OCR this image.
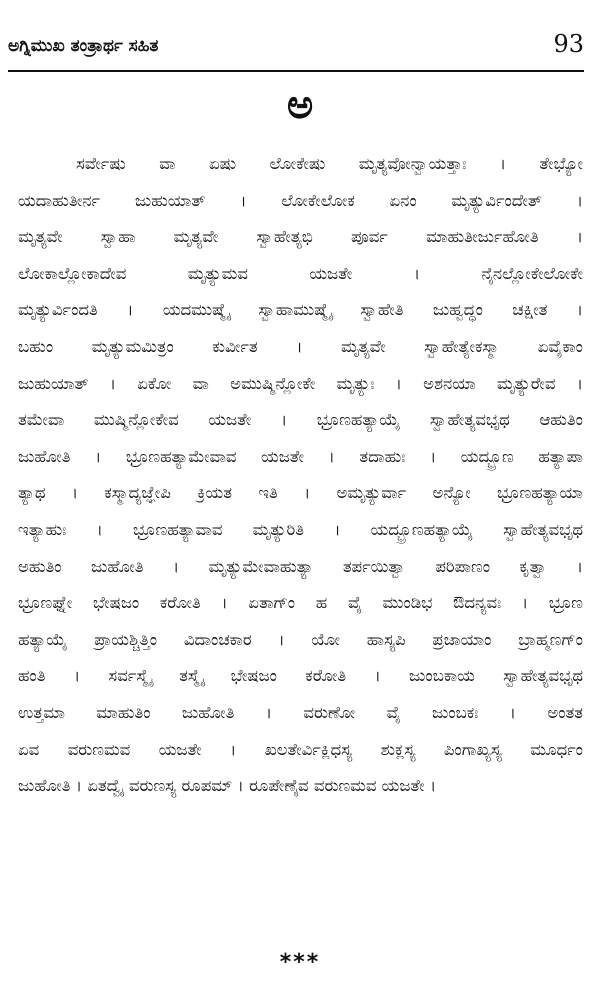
ಅಗ್ನಿಮುಖ ತಂತ್ರಾರ್ಥ ಸಹಿತ	93
ಅ
ಸರ್ವೇಷು ವಾ ಏಷು ಲೋಕೇಷು ಮೃತ್ಯವೋನ್ವಾಯತ್ತಾಃ । ತೇಭ್ಯೋ
ಯದಾಹುತೀರ್ನ ಜುಹುಯಾತ್ । ಲೋಕೇಲೋಕ ಏನಂ ಮೃತ್ಯುರ್ವಿಂದೇತ್ ।
ಮೃತ್ಯವೇ ಸ್ವಾಹಾ ಮೃತ್ಯವೇ ಸ್ವಾಹೇತ್ಯಭಿ ಪೂರ್ವ ಮಾಹುತೀರ್ಜುಹೋತಿ ।
ಲೋಕಾಲ್ಲೋಕಾದೇವ ಮೃತ್ಯುಮವ ಯಜತೇ । ನೈನಲ್ಲೋಕೇಲೋಕೇ
ಮೃತ್ಯುರ್ವಿಂದತಿ । ಯದಮುಷ್ಮೈ ಸ್ವಾಹಾಮುಷ್ಮೈ ಸ್ವಾಹೇತಿ ಜುಹ್ವದ್ಧಂ ಚಕ್ಷೀತ ।
ಬಹುಂ ಮೃತ್ಯುಮಮಿತ್ರಂ ಕುರ್ವೀತ । ಮೃತ್ಯವೇ ಸ್ವಾಹೇತ್ಯೇಕಸ್ಮಾ ಏವೈಕಾಂ
ಜುಹುಯಾತ್ । ಏಕೋ ವಾ ಅಮುಷ್ಮಿನ್ಲೋಕೇ ಮೃತ್ಯುಃ । ಅಶನಯಾ ಮೃತ್ಯುರೇವ ।
ತಮೇವಾ ಮುಷ್ಮಿನ್ಲೋಕೇವ ಯಜತೇ । ಭ್ರೂಣಹತ್ಯಾಯೈ ಸ್ವಾಹೇತ್ಯವಭೃಥ ಆಹುತಿಂ
ಜುಹೋತಿ । ಭ್ರೂಣಹತ್ಯಾಮೇವಾವ ಯಜತೇ । ತದಾಹುಃ । ಯದ್ಭ್ರೂಣ ಹತ್ಯಾಪಾ
ತ್ಯಾಥ । ಕಸ್ಮಾದ್ಯಜ್ಞೇಪಿ ಕ್ರಿಯತ ಇತಿ । ಅಮೃತ್ಯುರ್ವಾ ಅನ್ಯೋ ಭ್ರೂಣಹತ್ಯಾಯಾ
ಇತ್ಯಾಹುಃ । ಭ್ರೂಣಹತ್ಯಾವಾವ ಮೃತ್ಯುರಿತಿ । ಯದ್ಭ್ರೂಣಹತ್ಯಾಯೈ ಸ್ವಾಹೇತ್ಯವಭೃಥ
ಅಹುತಿಂ ಜುಹೋತಿ । ಮೃತ್ಯುಮೇವಾಹುತ್ಯಾ ತರ್ಪಯಿತ್ವಾ ಪರಿಪಾಣಂ ಕೃತ್ವಾ ।
ಭ್ರೂಣಘ್ನೇ ಭೇಷಜಂ ಕರೋತಿ । ಏತಾಗ್‌ಂ ಹ ವೈ ಮುಂಡಿಭ ಔದನ್ಯವಃ । ಭ್ರೂಣ
ಹತ್ಯಾಯೈ ಪ್ರಾಯಶ್ಚಿತ್ತಿಂ ವಿದಾಂಚಕಾರ । ಯೋ ಹಾಸ್ಯಪಿ ಪ್ರಜಾಯಾಂ ಬ್ರಾಹ್ಮಣಗ್‌ಂ
ಹಂತಿ । ಸರ್ವಸ್ಮೈ ತಸ್ಮೈ ಭೇಷಜಂ ಕರೋತಿ । ಜುಂಬಕಾಯ ಸ್ವಾಹೇತ್ಯವಭೃಥ
ಉತ್ತಮಾ ಮಾಹುತಿಂ ಜುಹೋತಿ । ವರುಣೋ ವೈ ಜುಂಬಕಃ । ಅಂತತ
ಏವ ವರುಣಮವ ಯಜತೇ । ಖಲತೇರ್ವಿಕ್ಲಿಧಸ್ಯ ಶುಕ್ಲಸ್ಯ ಪಿಂಗಾಖ್ಯಸ್ಯ ಮೂರ್ಧಂ
ಜುಹೋತಿ । ಏತದ್ವೈ ವರುಣಸ್ಯ ರೂಪಮ್ । ರೂಪೇಣೈವ ವರುಣಮವ ಯಜತೇ ।
***
